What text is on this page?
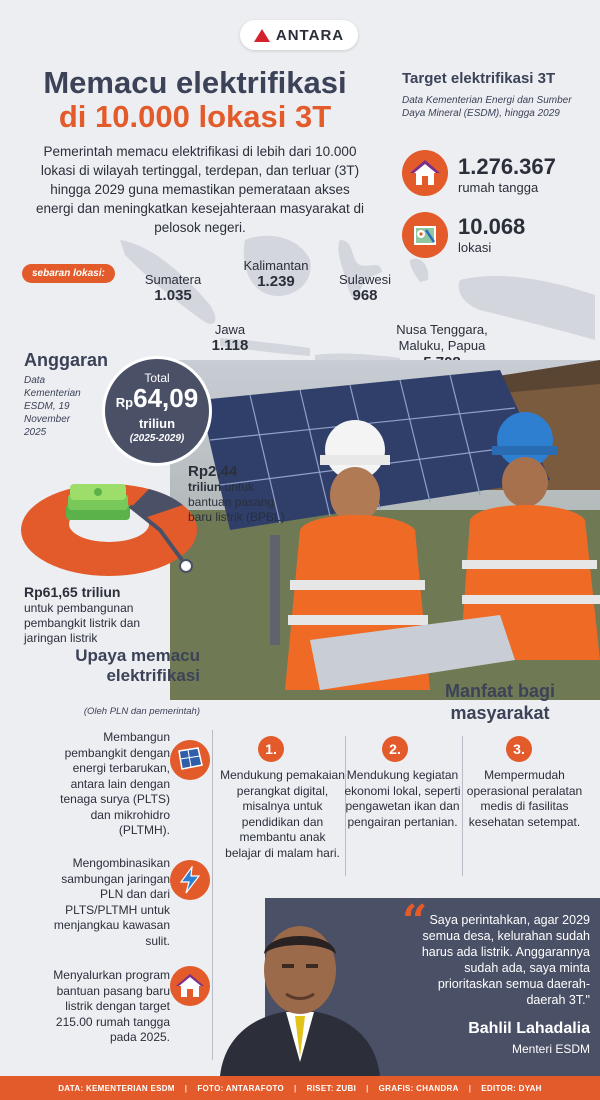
ANTARA
Memacu elektrifikasi
di 10.000 lokasi 3T
Pemerintah memacu elektrifikasi di lebih dari 10.000 lokasi di wilayah tertinggal, terdepan, dan terluar (3T) hingga 2029 guna memastikan pemerataan akses energi dan meningkatkan kesejahteraan masyarakat di pelosok negeri.
Target elektrifikasi 3T
Data Kementerian Energi dan Sumber Daya Mineral (ESDM), hingga 2029
1.276.367
rumah tangga
10.068
lokasi
sebaran lokasi:	Sumatera
1.035
Kalimantan
1.239	Sulawesi
968
Jawa
1.118
Nusa Tenggara, Maluku, Papua
Anggaran
Data Kementerian ESDM, 19 November 2025
Total
Rp64,09
triliun
(2025-2029)
Rp2,44
triliun untuk bantuan pasang baru listrik (BPBL)
Rp61,65 triliun
untuk pembangunan pembangkit listrik dan jaringan listrik
Upaya memacu elektrifikasi
(Oleh PLN dan pemerintah)
Membangun pembangkit dengan energi terbarukan, antara lain dengan tenaga surya (PLTS) dan mikrohidro (PLTMH).
Mengombinasikan sambungan jaringan PLN dan dari PLTS/PLTMH untuk menjangkau kawasan sulit.
Menyalurkan program bantuan pasang baru listrik dengan target 215.00 rumah tangga pada 2025.
Manfaat bagi masyarakat
1.
Mendukung pemakaian perangkat digital, misalnya untuk pendidikan dan membantu anak belajar di malam hari.
2.
Mendukung kegiatan ekonomi lokal, seperti pengawetan ikan dan pengairan pertanian.
3.
Mempermudah operasional peralatan medis di fasilitas kesehatan setempat.
“ Saya perintahkan, agar 2029 semua desa, kelurahan sudah harus ada listrik. Anggarannya sudah ada, saya minta prioritaskan semua daerah-daerah 3T."
Bahlil Lahadalia
Menteri ESDM
DATA: KEMENTERIAN ESDM | FOTO: ANTARAFOTO | RISET: ZUBI | GRAFIS: CHANDRA | EDITOR: DYAH
